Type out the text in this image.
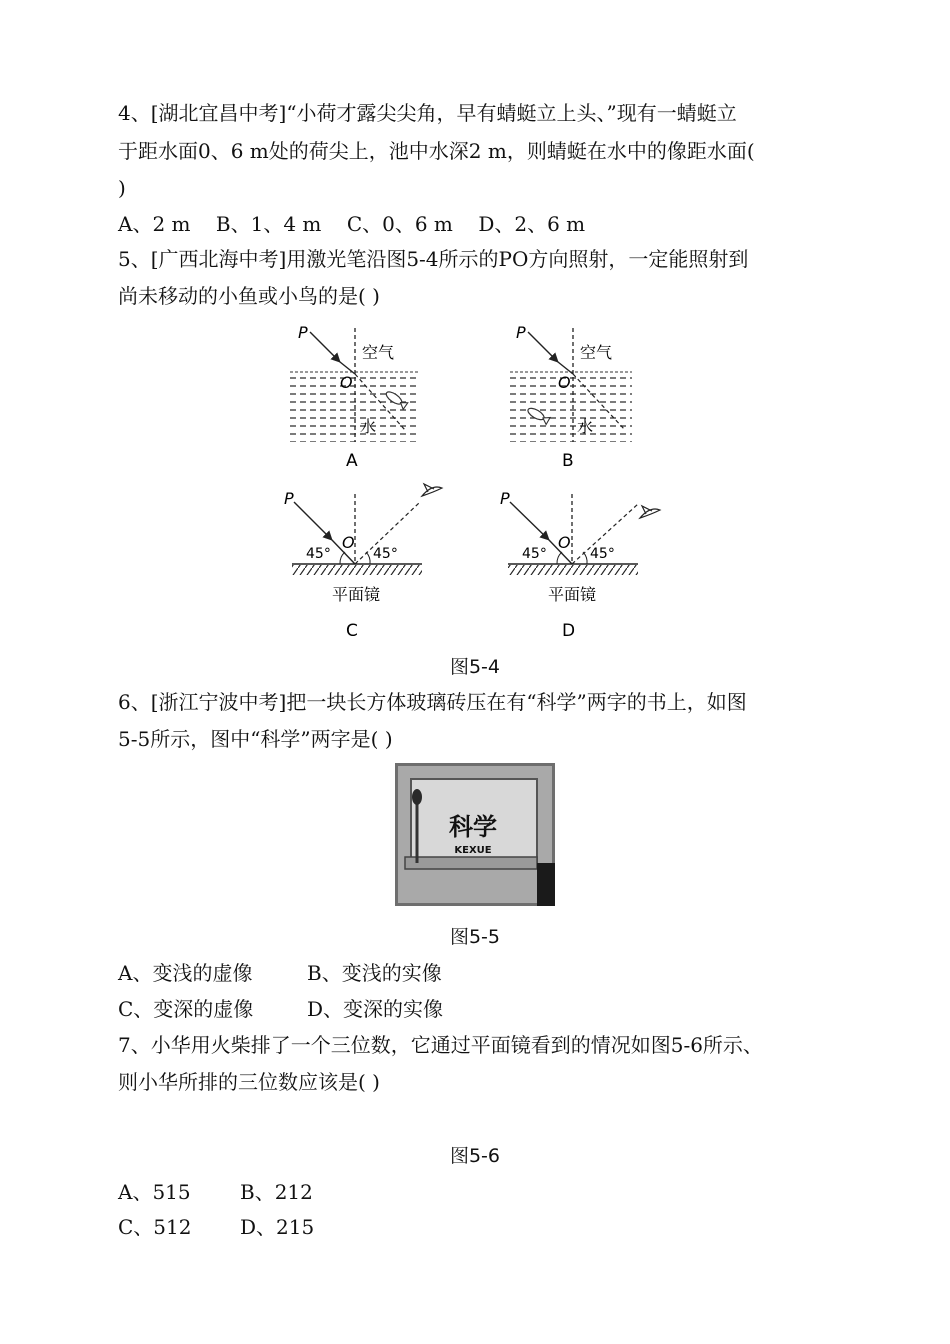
4、[湖北宜昌中考]“小荷才露尖尖角，早有蜻蜓立上头、”现有一蜻蜓立
于距水面0、6 m处的荷尖上，池中水深2 m，则蜻蜓在水中的像距水面(
)
A、2 m    B、1、4 m    C、0、6 m    D、2、6 m
5、[广西北海中考]用激光笔沿图5-4所示的PO方向照射，一定能照射到
尚未移动的小鱼或小鸟的是( )
P
O
空气
水
A
P
O
空气
水
B
P
O
45°	45°
平面镜
C
P
O
45°	45°
平面镜
D
图5-4
6、[浙江宁波中考]把一块长方体玻璃砖压在有“科学”两字的书上，如图
5-5所示，图中“科学”两字是( )
科学
KEXUE
图5-5
A、变浅的虚像	B、变浅的实像
C、变深的虚像	D、变深的实像
7、小华用火柴排了一个三位数，它通过平面镜看到的情况如图5-6所示、
则小华所排的三位数应该是( )
图5-6
A、515 B、212
C、512 D、215
